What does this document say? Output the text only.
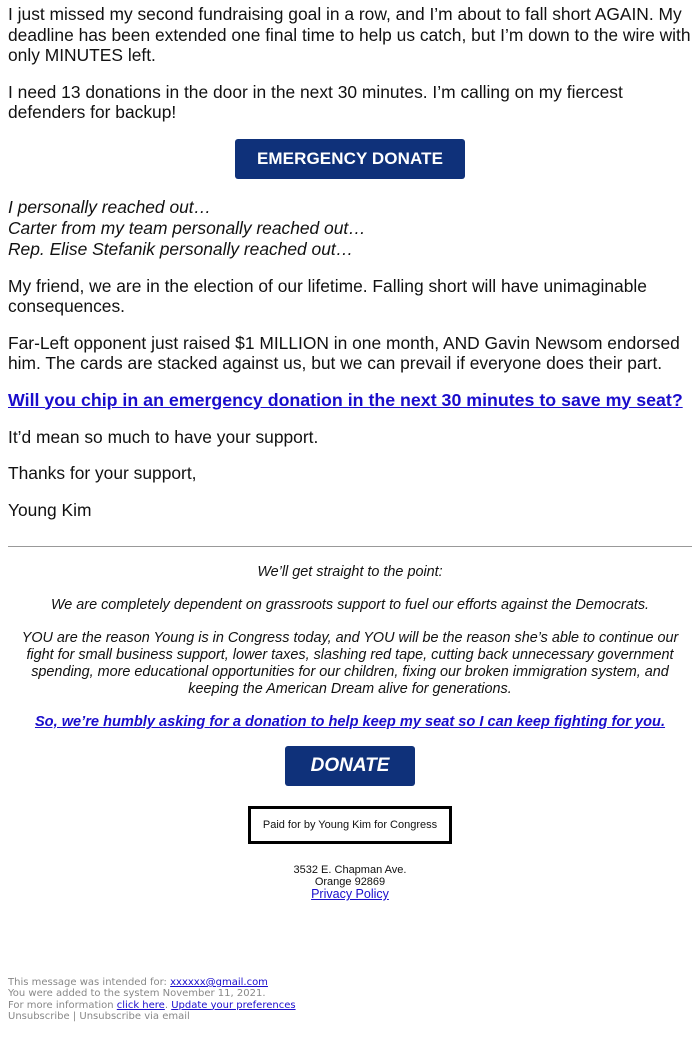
I just missed my second fundraising goal in a row, and I’m about to fall short AGAIN. My deadline has been extended one final time to help us catch, but I’m down to the wire with only MINUTES left.

I need 13 donations in the door in the next 30 minutes. I’m calling on my fiercest defenders for backup!

EMERGENCY DONATE
I personally reached out…
Carter from my team personally reached out…
Rep. Elise Stefanik personally reached out…

My friend, we are in the election of our lifetime. Falling short will have unimaginable consequences.

Far-Left opponent just raised $1 MILLION in one month, AND Gavin Newsom endorsed him. The cards are stacked against us, but we can prevail if everyone does their part.

Will you chip in an emergency donation in the next 30 minutes to save my seat?

It’d mean so much to have your support.

Thanks for your support,

Young Kim

We’ll get straight to the point:

We are completely dependent on grassroots support to fuel our efforts against the Democrats.

YOU are the reason Young is in Congress today, and YOU will be the reason she’s able to continue our fight for small business support, lower taxes, slashing red tape, cutting back unnecessary government spending, more educational opportunities for our children, fixing our broken immigration system, and keeping the American Dream alive for generations.

So, we’re humbly asking for a donation to help keep my seat so I can keep fighting for you.
DONATE
Paid for by Young Kim for Congress
3532 E. Chapman Ave.
Orange 92869
Privacy Policy
This message was intended for: xxxxxx@gmail.com
You were added to the system November 11, 2021.
For more information click here. Update your preferences
Unsubscribe | Unsubscribe via email
